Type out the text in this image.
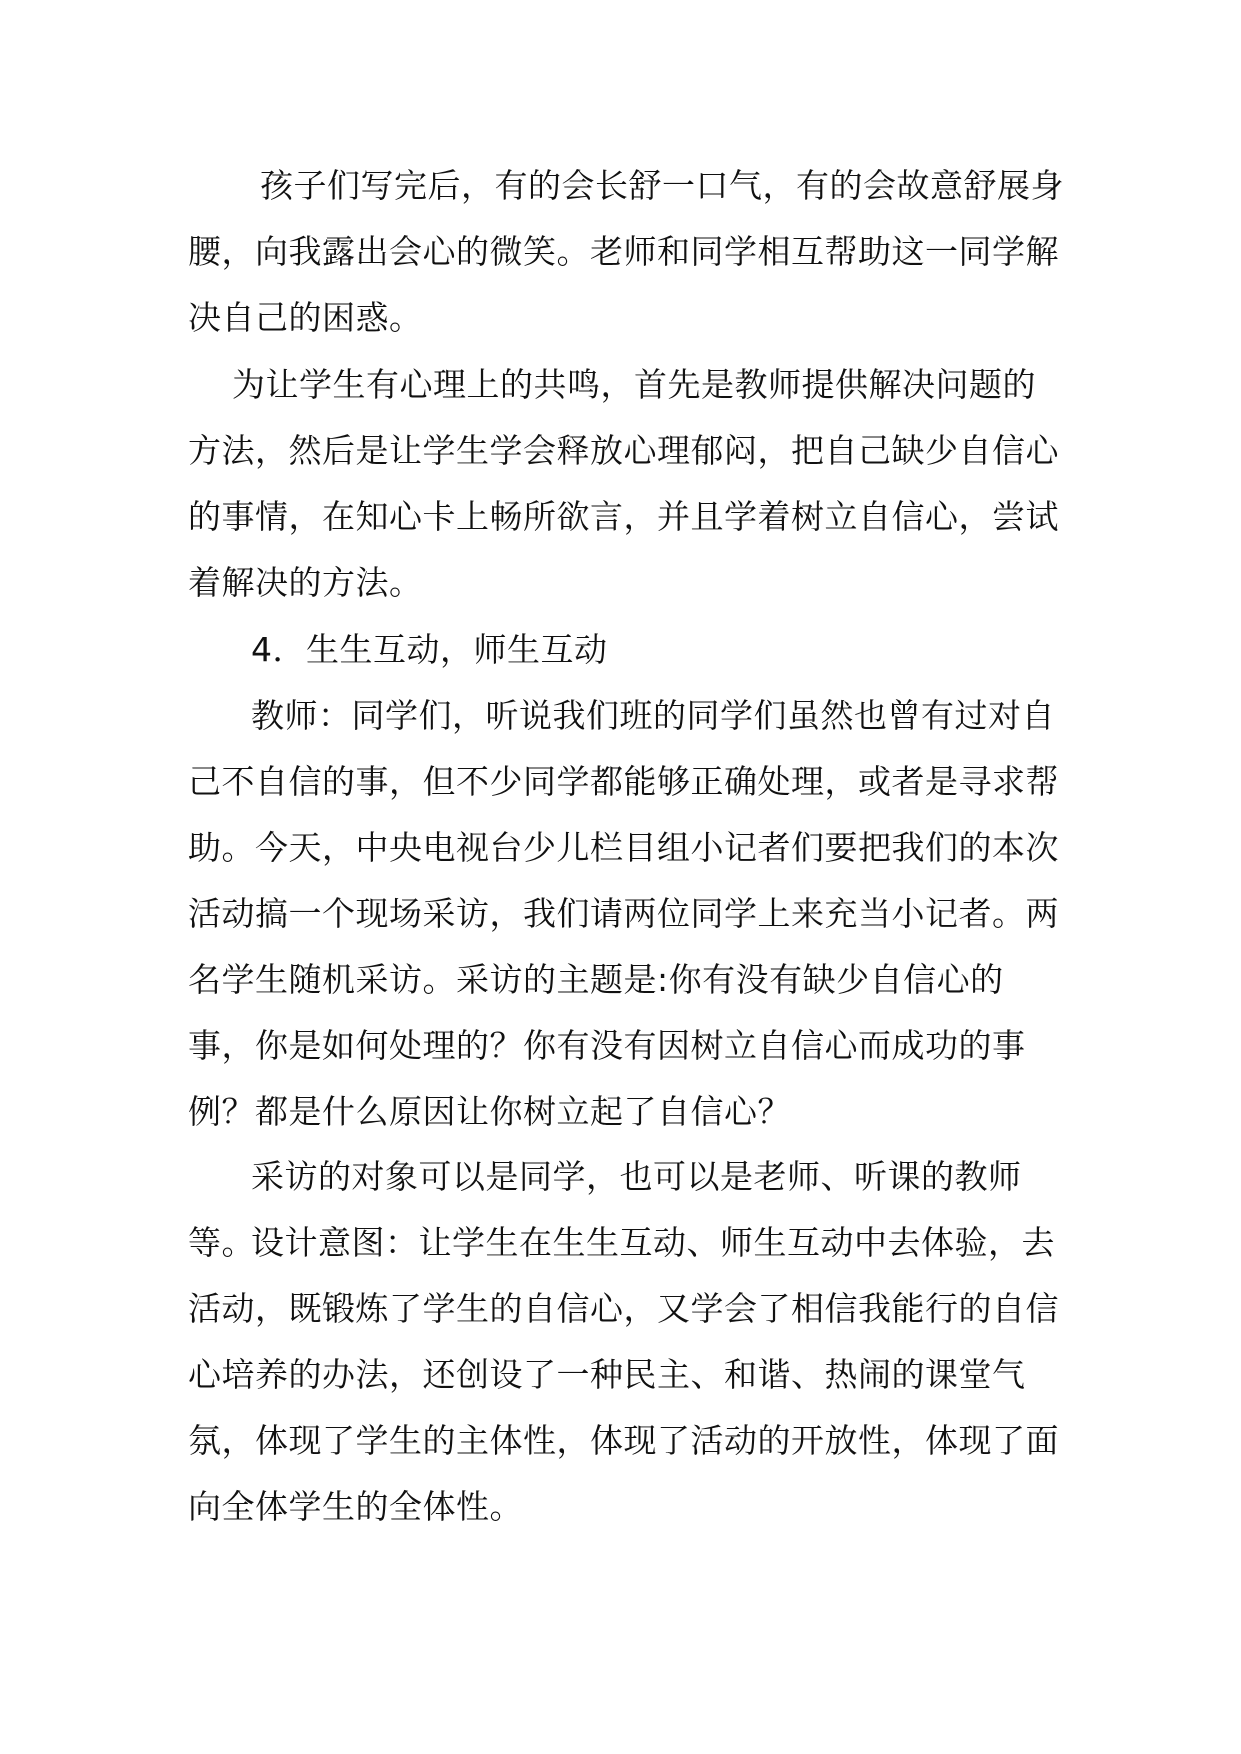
孩子们写完后，有的会长舒一口气，有的会故意舒展身腰，向我露出会心的微笑。老师和同学相互帮助这一同学解决自己的困惑。

为让学生有心理上的共鸣，首先是教师提供解决问题的方法，然后是让学生学会释放心理郁闷，把自己缺少自信心的事情，在知心卡上畅所欲言，并且学着树立自信心，尝试着解决的方法。

4．生生互动，师生互动

教师：同学们，听说我们班的同学们虽然也曾有过对自己不自信的事，但不少同学都能够正确处理，或者是寻求帮助。今天，中央电视台少儿栏目组小记者们要把我们的本次活动搞一个现场采访，我们请两位同学上来充当小记者。两名学生随机采访。采访的主题是:你有没有缺少自信心的事，你是如何处理的？你有没有因树立自信心而成功的事例？都是什么原因让你树立起了自信心？

采访的对象可以是同学，也可以是老师、听课的教师等。

设计意图：让学生在生生互动、师生互动中去体验，去活动，既锻炼了学生的自信心，又学会了相信我能行的自信心培养的办法，还创设了一种民主、和谐、热闹的课堂气氛，体现了学生的主体性，体现了活动的开放性，体现了面向全体学生的全体性。
